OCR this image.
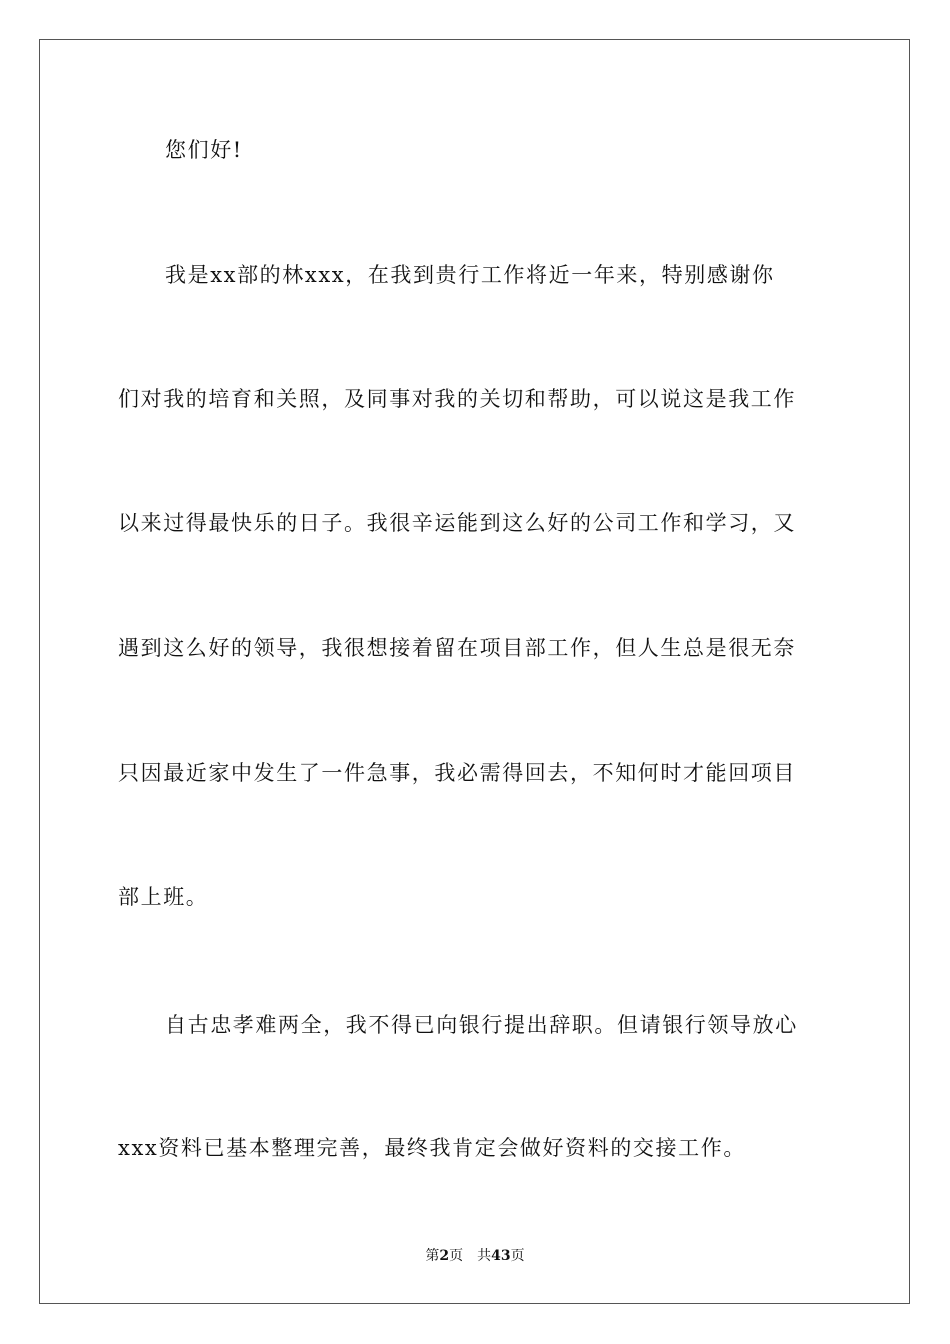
您们好!
我是xx部的林xxx，在我到贵行工作将近一年来，特别感谢你
们对我的培育和关照，及同事对我的关切和帮助，可以说这是我工作
以来过得最快乐的日子。我很辛运能到这么好的公司工作和学习，又
遇到这么好的领导，我很想接着留在项目部工作，但人生总是很无奈
只因最近家中发生了一件急事，我必需得回去，不知何时才能回项目
部上班。
自古忠孝难两全，我不得已向银行提出辞职。但请银行领导放心
xxx资料已基本整理完善，最终我肯定会做好资料的交接工作。
第2页 共43页
